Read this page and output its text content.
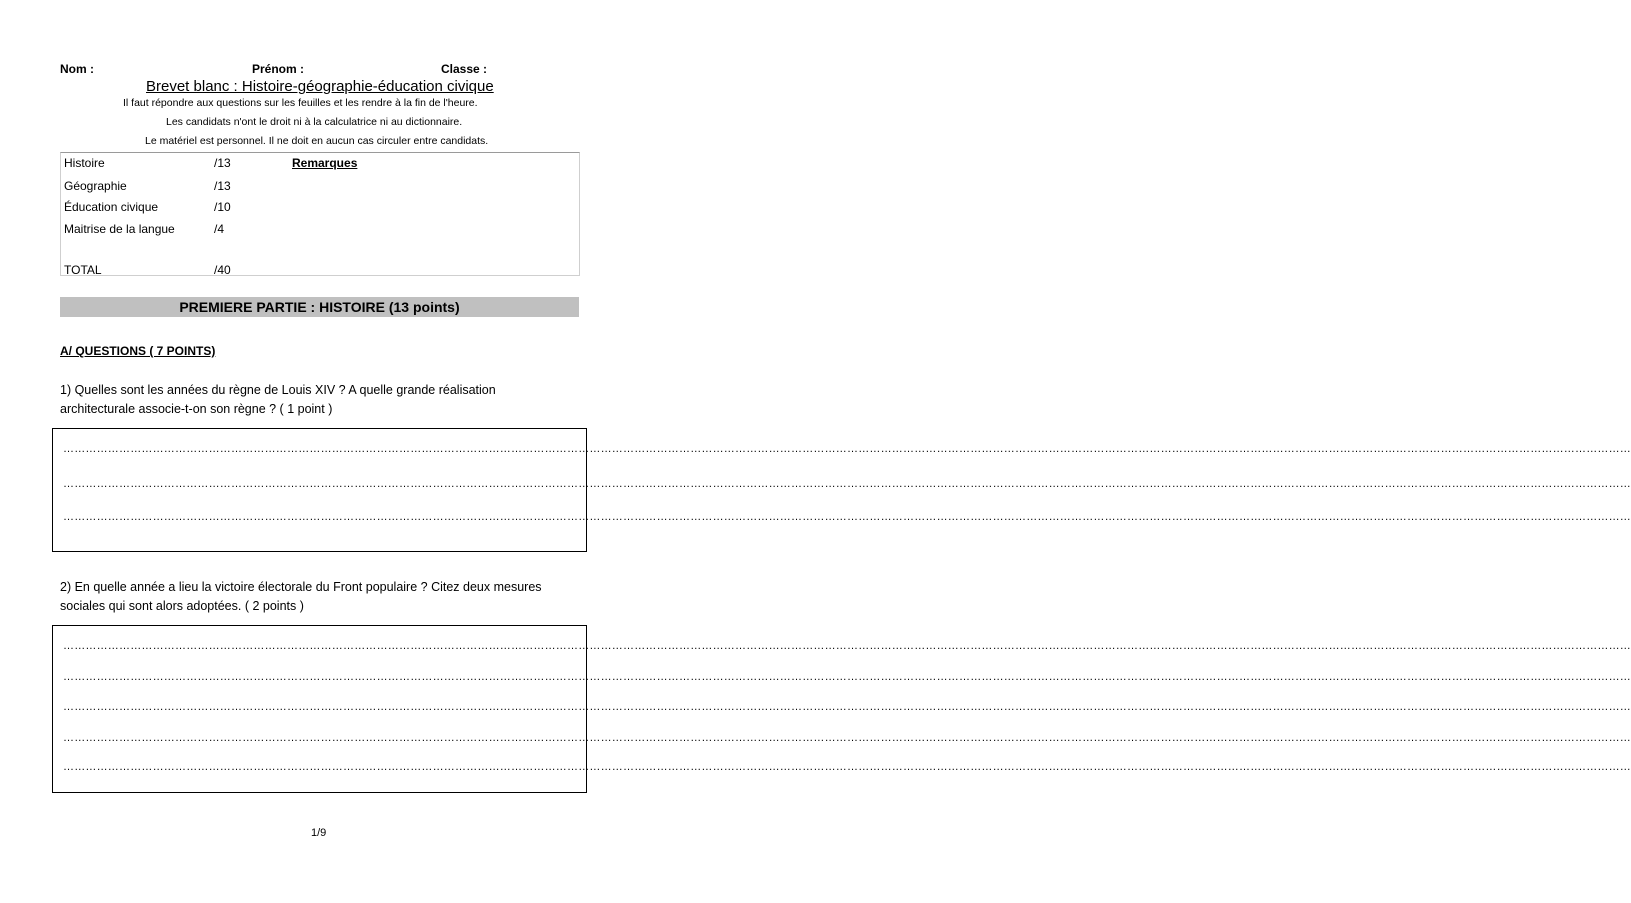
Nom :	Prénom :	Classe :
Brevet blanc : Histoire-géographie-éducation civique
Il faut répondre aux questions sur les feuilles et les rendre à la fin de l'heure.
Les candidats n'ont le droit ni à la calculatrice ni au dictionnaire.
Le matériel est personnel. Il ne doit en aucun cas circuler entre candidats.
Histoire	/13	Remarques
Géographie	/13
Éducation civique	/10
Maitrise de la langue	/4
TOTAL	/40
PREMIERE PARTIE : HISTOIRE (13 points)
A/ QUESTIONS ( 7 POINTS)
1) Quelles sont les années du règne de Louis XIV ? A quelle grande réalisation
architecturale associe-t-on son règne ? ( 1 point )
……………………………………………………………………………………………………………………………………………………………………………………………………………………………………………………………………………………………………………………………………………………………………………………
……………………………………………………………………………………………………………………………………………………………………………………………………………………………………………………………………………………………………………………………………………………………………………………
……………………………………………………………………………………………………………………………………………………………………………………………………………………………………………………………………………………………………………………………………………………………………………………
2) En quelle année a lieu la victoire électorale du Front populaire ? Citez deux mesures
sociales qui sont alors adoptées. ( 2 points )
……………………………………………………………………………………………………………………………………………………………………………………………………………………………………………………………………………………………………………………………………………………………………………………
……………………………………………………………………………………………………………………………………………………………………………………………………………………………………………………………………………………………………………………………………………………………………………………
……………………………………………………………………………………………………………………………………………………………………………………………………………………………………………………………………………………………………………………………………………………………………………………
……………………………………………………………………………………………………………………………………………………………………………………………………………………………………………………………………………………………………………………………………………………………………………………
……………………………………………………………………………………………………………………………………………………………………………………………………………………………………………………………………………………………………………………………………………………………………………………
1/9
